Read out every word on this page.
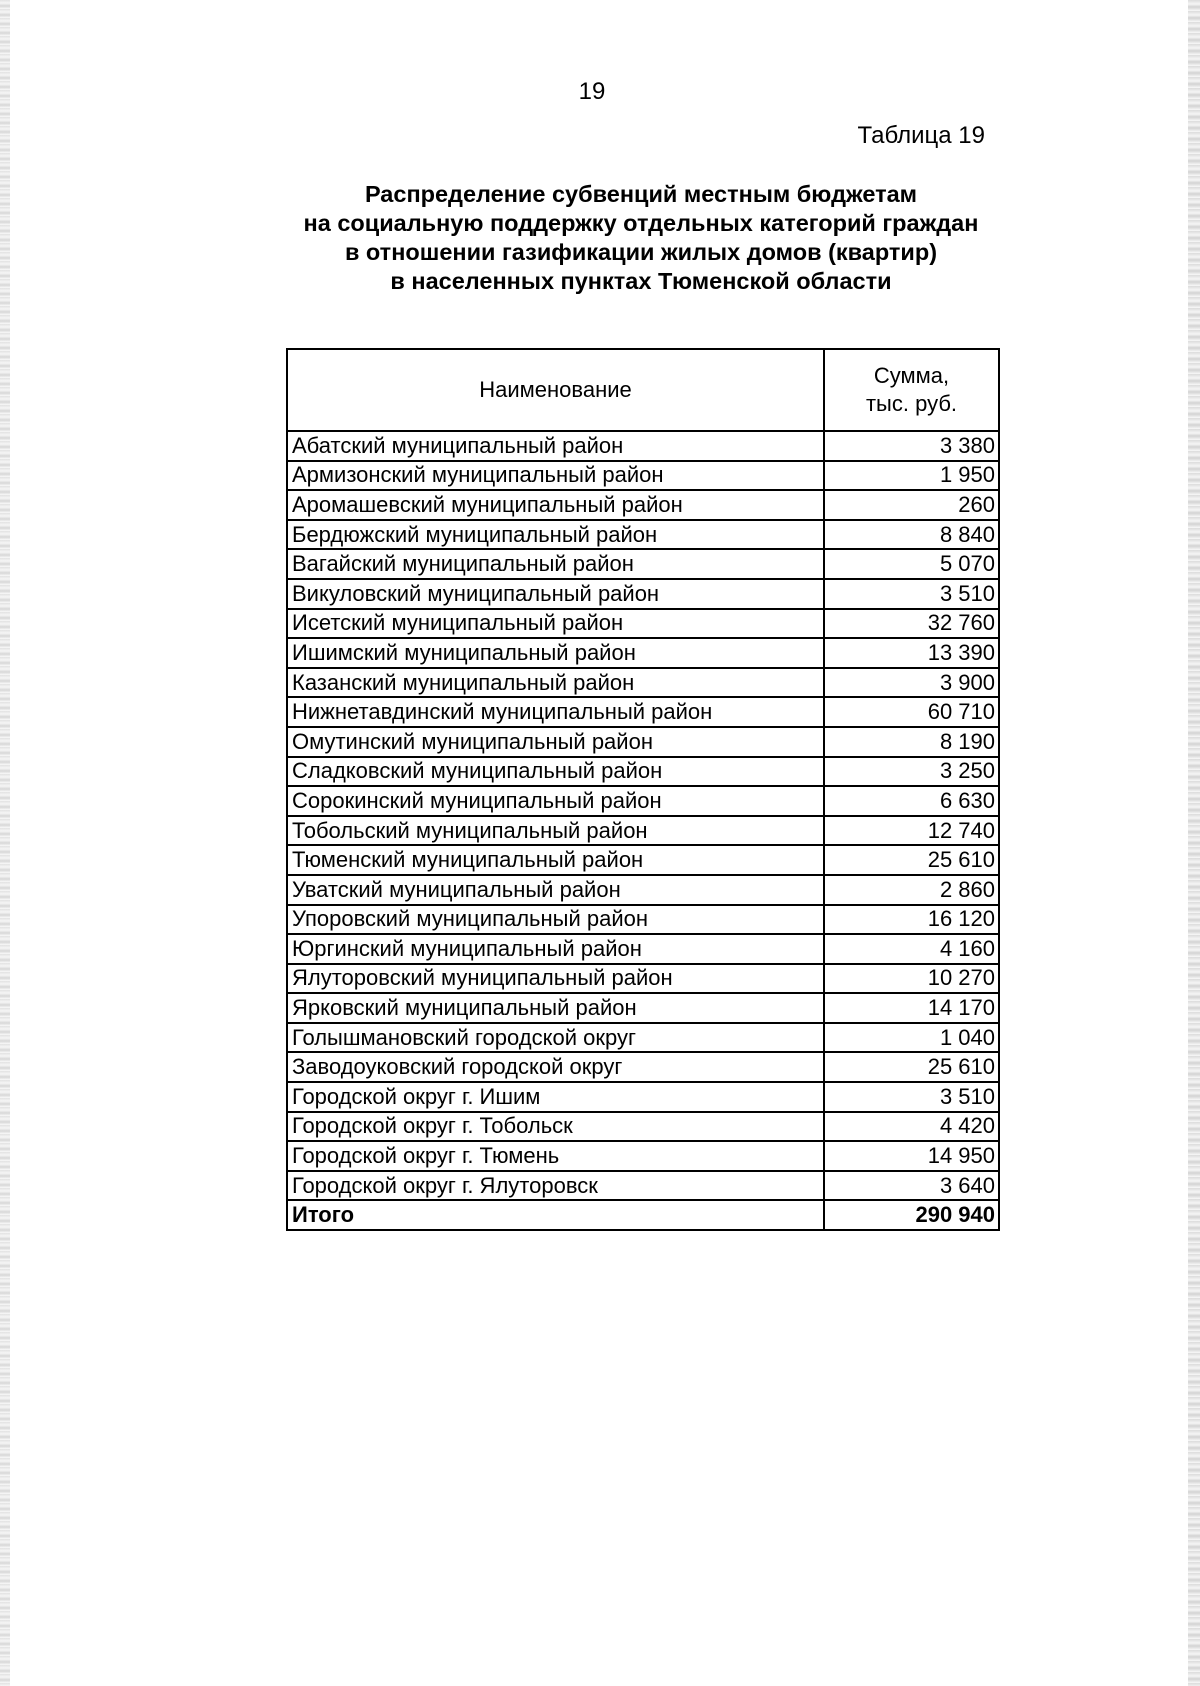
19
Таблица 19
Распределение субвенций местным бюджетам
на социальную поддержку отдельных категорий граждан
в отношении газификации жилых домов (квартир)
в населенных пунктах Тюменской области
Наименование	Сумма,
тыс. руб.

Абатский муниципальный район	3 380
Армизонский муниципальный район	1 950
Аромашевский муниципальный район	260
Бердюжский муниципальный район	8 840
Вагайский муниципальный район	5 070
Викуловский муниципальный район	3 510
Исетский муниципальный район	32 760
Ишимский муниципальный район	13 390
Казанский муниципальный район	3 900
Нижнетавдинский муниципальный район	60 710
Омутинский муниципальный район	8 190
Сладковский муниципальный район	3 250
Сорокинский муниципальный район	6 630
Тобольский муниципальный район	12 740
Тюменский муниципальный район	25 610
Уватский муниципальный район	2 860
Упоровский муниципальный район	16 120
Юргинский муниципальный район	4 160
Ялуторовский муниципальный район	10 270
Ярковский муниципальный район	14 170
Голышмановский городской округ	1 040
Заводоуковский городской округ	25 610
Городской округ г. Ишим	3 510
Городской округ г. Тобольск	4 420
Городской округ г. Тюмень	14 950
Городской округ г. Ялуторовск	3 640
Итого	290 940
